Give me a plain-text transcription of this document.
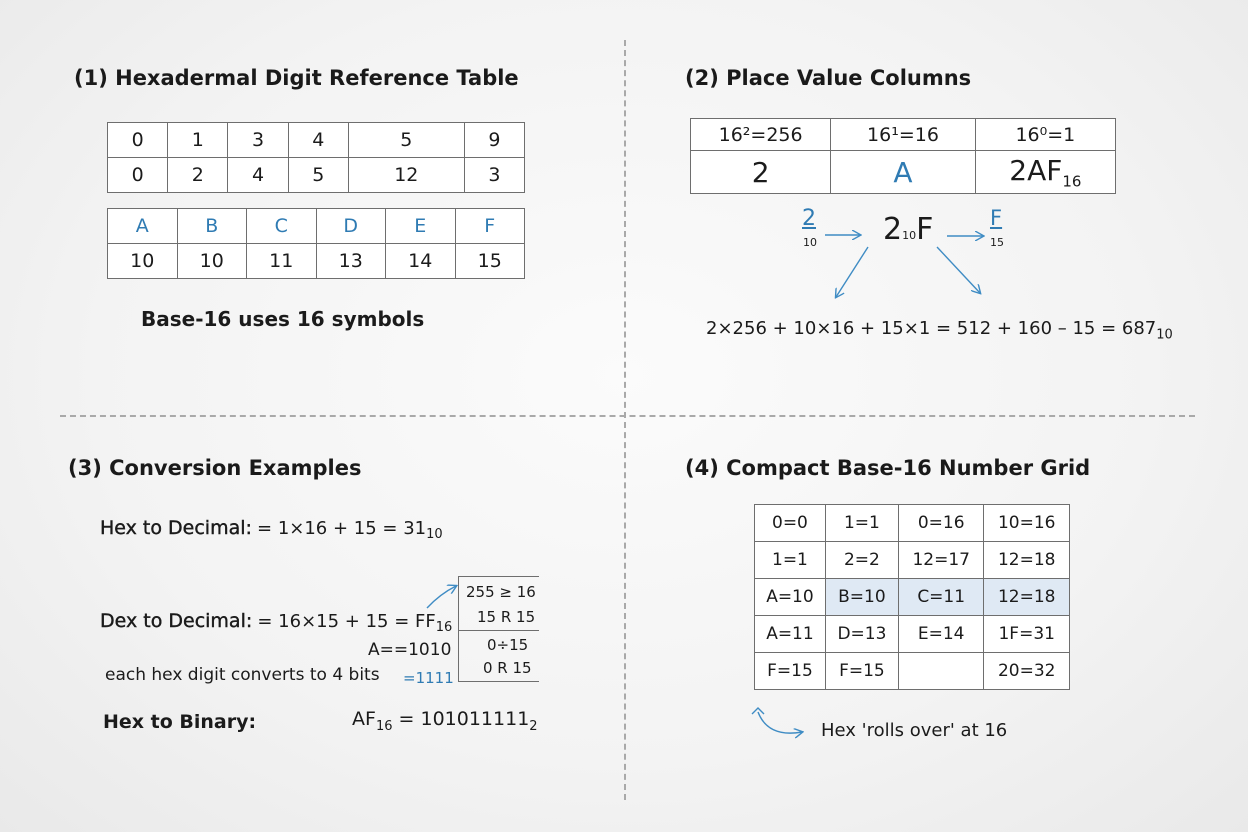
(1) Hexadermal Digit Reference Table
0	1	3	4	5	9
0	2	4	5	12	3
A	B	C	D	E	F
10	10	11	13	14	15
Base-16 uses 16 symbols
(2) Place Value Columns
16²=256	16¹=16	16⁰=1
2	A	$2AF_{16}$
2
10 210F	F
15
$2\times 256 + 10\times 16 + 15\times 1 = 512 + 160 - 15 = 687_{10}$
(3) Conversion Examples
Hex to Decimal: = $1\times 16 + 15 = 31_{10}$
Dex to Decimal: = $16\times 15 + 15 = FF_{16}$
A==1010
each hex digit converts to 4 bits =1111
255 ≥ 16
15 R 15
0÷15
0 R 15
Hex to Binary:	$AF_{16} = 101011111_2$
(4) Compact Base-16 Number Grid
0=0	1=1	0=16	10=16
1=1	2=2	12=17	12=18
A=10	B=10	C=11	12=18
A=11	D=13	E=14	1F=31
F=15	F=15		20=32
Hex 'rolls over' at 16
